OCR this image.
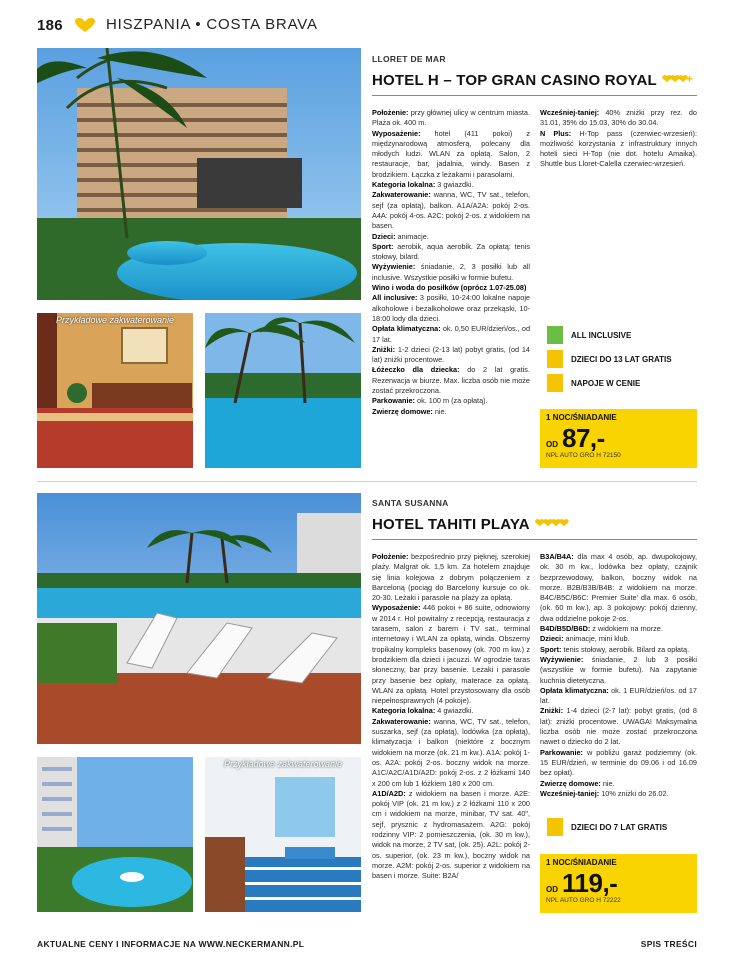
186	HISZPANIA • COSTA BRAVA
Przykładowe zakwaterowanie
LLORET DE MAR
HOTEL H – TOP GRAN CASINO ROYAL ❤❤❤+

Położenie: przy głównej ulicy w centrum miasta. Plaża ok. 400 m.

Wyposażenie: hotel (411 pokoi) z międzynarodową atmosferą, polecany dla młodych ludzi. WLAN za opłatą. Salon, 2 restauracje, bar, jadalnia, windy. Basen z brodzikiem. Łączka z leżakami i parasolami.

Kategoria lokalna: 3 gwiazdki.

Zakwaterowanie: wanna, WC, TV sat., telefon, sejf (za opłatą), balkon. A1A/A2A: pokój 2-os. A4A: pokój 4-os. A2C: pokój 2-os. z widokiem na basen.

Dzieci: animacje.

Sport: aerobik, aqua aerobik. Za opłatą: tenis stołowy, bilard.

Wyżywienie: śniadanie, 2, 3 posiłki lub all inclusive. Wszystkie posiłki w formie bufetu.

Wino i woda do posiłków (oprócz 1.07-25.08)

All inclusive: 3 posiłki, 10-24:00 lokalne napoje alkoholowe i bezalkoholowe oraz przekąski, 10-18:00 lody dla dzieci.

Opłata klimatyczna: ok. 0,50 EUR/dzień/os., od 17 lat.

Zniżki: 1-2 dzieci (2-13 lat) pobyt gratis, (od 14 lat) zniżki procentowe.

Łóżeczko dla dziecka: do 2 lat gratis. Rezerwacja w biurze. Max. liczba osób nie może zostać przekroczona.

Parkowanie: ok. 100 m (za opłatą).

Zwierzę domowe: nie.

Wcześniej-taniej: 40% zniżki przy rez. do 31.01, 35% do 15.03, 30% do 30.04.

N Plus: H-Top pass (czerwiec-wrzesień): możliwość korzystania z infrastruktury innych hoteli sieci H-Top (nie dot. hotelu Amaika). Shuttle bus Lloret-Calella czerwiec-wrzesień.

ALL INCLUSIVE
DZIECI DO 13 LAT GRATIS
NAPOJE W CENIE
1 NOC/ŚNIADANIE
OD 87,-
NPL AUTO GRO H 72150
Przykładowe zakwaterowanie
SANTA SUSANNA
HOTEL TAHITI PLAYA ❤❤❤❤

Położenie: bezpośrednio przy pięknej, szerokiej plaży. Malgrat ok. 1,5 km. Za hotelem znajduje się linia kolejowa z dobrym połączeniem z Barceloną (pociąg do Barcelony kursuje co ok. 20-30. Leżaki i parasole na plaży za opłatą.

Wyposażenie: 446 pokoi + 86 suite, odnowiony w 2014 r. Hol powitalny z recepcją, restauracja z tarasem, salon z barem i TV sat., terminal internetowy i WLAN za opłatą, winda. Obszerny tropikalny kompleks basenowy (ok. 700 m kw.) z brodzikiem dla dzieci i jacuzzi. W ogrodzie taras słoneczny, bar przy basenie. Leżaki i parasole przy basenie bez opłaty, materace za opłatą. WLAN za opłatą. Hotel przystosowany dla osób niepełnosprawnych (4 pokoje).

Kategoria lokalna: 4 gwiazdki.

Zakwaterowanie: wanna, WC, TV sat., telefon, suszarka, sejf (za opłatą), lodówka (za opłatą), klimatyzacja i balkon (niektóre z bocznym widokiem na morze (ok. 21 m kw.). A1A: pokój 1-os. A2A: pokój 2-os. boczny widok na morze. A1C/A2C/A1D/A2D: pokój 2-os. z 2 łóżkami 140 x 200 cm lub 1 łóżkiem 180 x 200 cm.

A1D/A2D: z widokiem na basen i morze. A2E: pokój VIP (ok. 21 m kw.) z 2 łóżkami 110 x 200 cm i widokiem na morze, minibar, TV sat. 40", sejf, prysznic z hydromasażem. A2G: pokój rodzinny VIP: 2 pomieszczenia, (ok. 30 m kw.), widok na morze, 2 TV sat, (ok. 25). A2L: pokój 2-os. superior, (ok. 23 m kw.), boczny widok na morze. A2M: pokój 2-os. superior z widokiem na basen i morze. Suite: B2A/

B3A/B4A: dla max 4 osób, ap. dwupokojowy, ok. 30 m kw., lodówka bez opłaty, czajnik bezprzewodowy, balkon, boczny widok na morze. B2B/B3B/B4B: z widokiem na morze. B4C/B5C/B6C: Premier Suite' dla max. 6 osób, (ok. 60 m kw.), ap. 3 pokojowy: pokój dzienny, dwa oddzielne pokoje 2-os.

B4D/B5D/B6D: z widokiem na morze.

Dzieci: animacje, mini klub.

Sport: tenis stołowy, aerobik. Bilard za opłatą.

Wyżywienie: śniadanie, 2 lub 3 posiłki (wszystkie w formie bufetu). Na zapytanie kuchnia dietetyczna.

Opłata klimatyczna: ok. 1 EUR/dzień/os. od 17 lat.

Zniżki: 1-4 dzieci (2-7 lat): pobyt gratis, (od 8 lat): zniżki procentowe. UWAGA! Maksymalna liczba osób nie może zostać przekroczona nawet o dziecko do 2 lat.

Parkowanie: w pobliżu garaż podziemny (ok. 15 EUR/dzień, w terminie do 09.06 i od 16.09 bez opłat).

Zwierzę domowe: nie.

Wcześniej-taniej: 10% zniżki do 26.02.

DZIECI DO 7 LAT GRATIS
1 NOC/ŚNIADANIE
OD 119,-
NPL AUTO GRO H 72222
AKTUALNE CENY I INFORMACJE NA WWW.NECKERMANN.PL	SPIS TREŚCI
